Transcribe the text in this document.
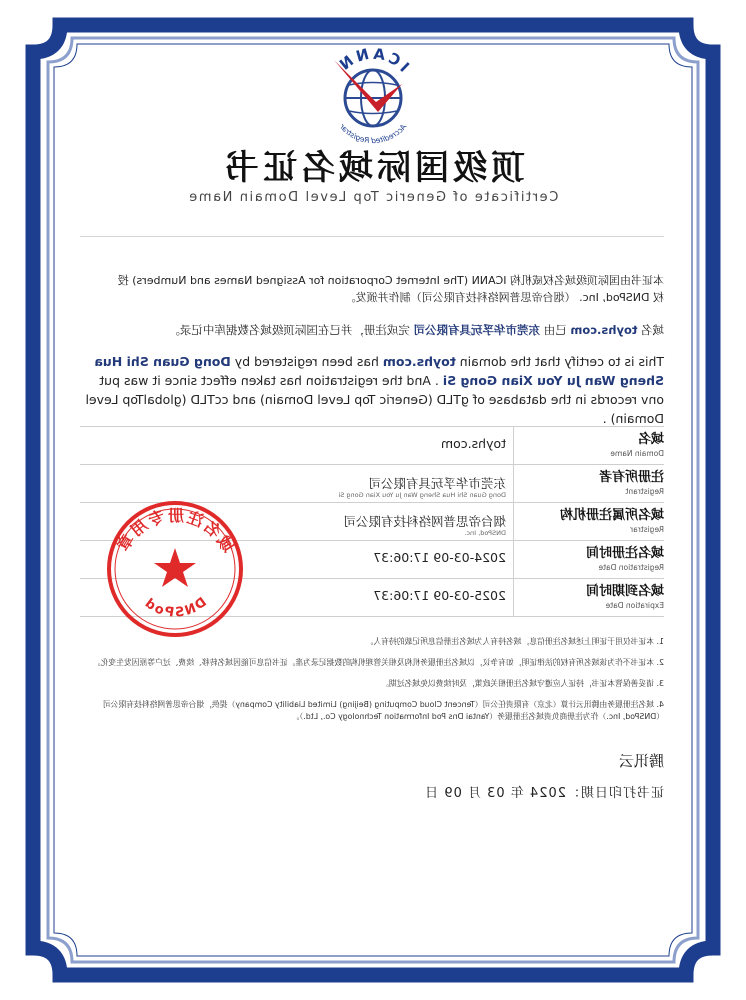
ICANN
Accredited Registrar
顶级国际域名证书
Certificate of Generic Top Level Domain Name
本证书由国际顶级域名权威机构 ICANN (The Internet Corporation for Assigned Names and Numbers) 授
权 DNSPod, Inc. （烟台帝思普网络科技有限公司）制作并颁发。
域名 toyhs.com 已由 东莞市华孚玩具有限公司 完成注册，并已在国际顶级域名数据库中记录。
This is to certify that the domain toyhs.com has been registered by Dong Guan Shi Hua Sheng Wan Ju You Xian Gong Si . And the registration has taken effect since it was put onv records in the database of gTLD (Generic Top Level Domain) and ccTLD (globalTop Level Domain) .
域名
Domain Name
toyhs.com
注册所有者
Registrant
东莞市华孚玩具有限公司
Dong Guan Shi Hua Sheng Wan Ju You Xian Gong Si
域名所属注册机构
Registrar
烟台帝思普网络科技有限公司
DNSPod, Inc.
域名注册时间
Registration Date
2024-03-09 17:06:37
域名到期时间
Expiration Date
2025-03-09 17:06:37
域名注册专用章
DNSPod

1. 本证书仅用于证明上述域名注册信息，域名持有人为域名注册信息所记载的持有人。

2. 本证书不作为该域名所有权的法律证明，如有争议，以域名注册服务机构及相关管理机构的数据记录为准。证书信息可能因域名转移、续费、过户等原因发生变化。

3. 请妥善保管本证书，持证人应遵守域名注册相关政策，及时续费以免域名过期。

4. 域名注册服务由腾讯云计算（北京）有限责任公司（Tencent Cloud Computing (Beijing) Limited Liability Company）提供，烟台帝思普网络科技有限公司（DNSPod, Inc.）作为注册商负责域名注册服务（Yantai Dns Pod Information Technology Co., Ltd.）。

腾讯云
证书打印日期：2024 年 03 月 09 日
